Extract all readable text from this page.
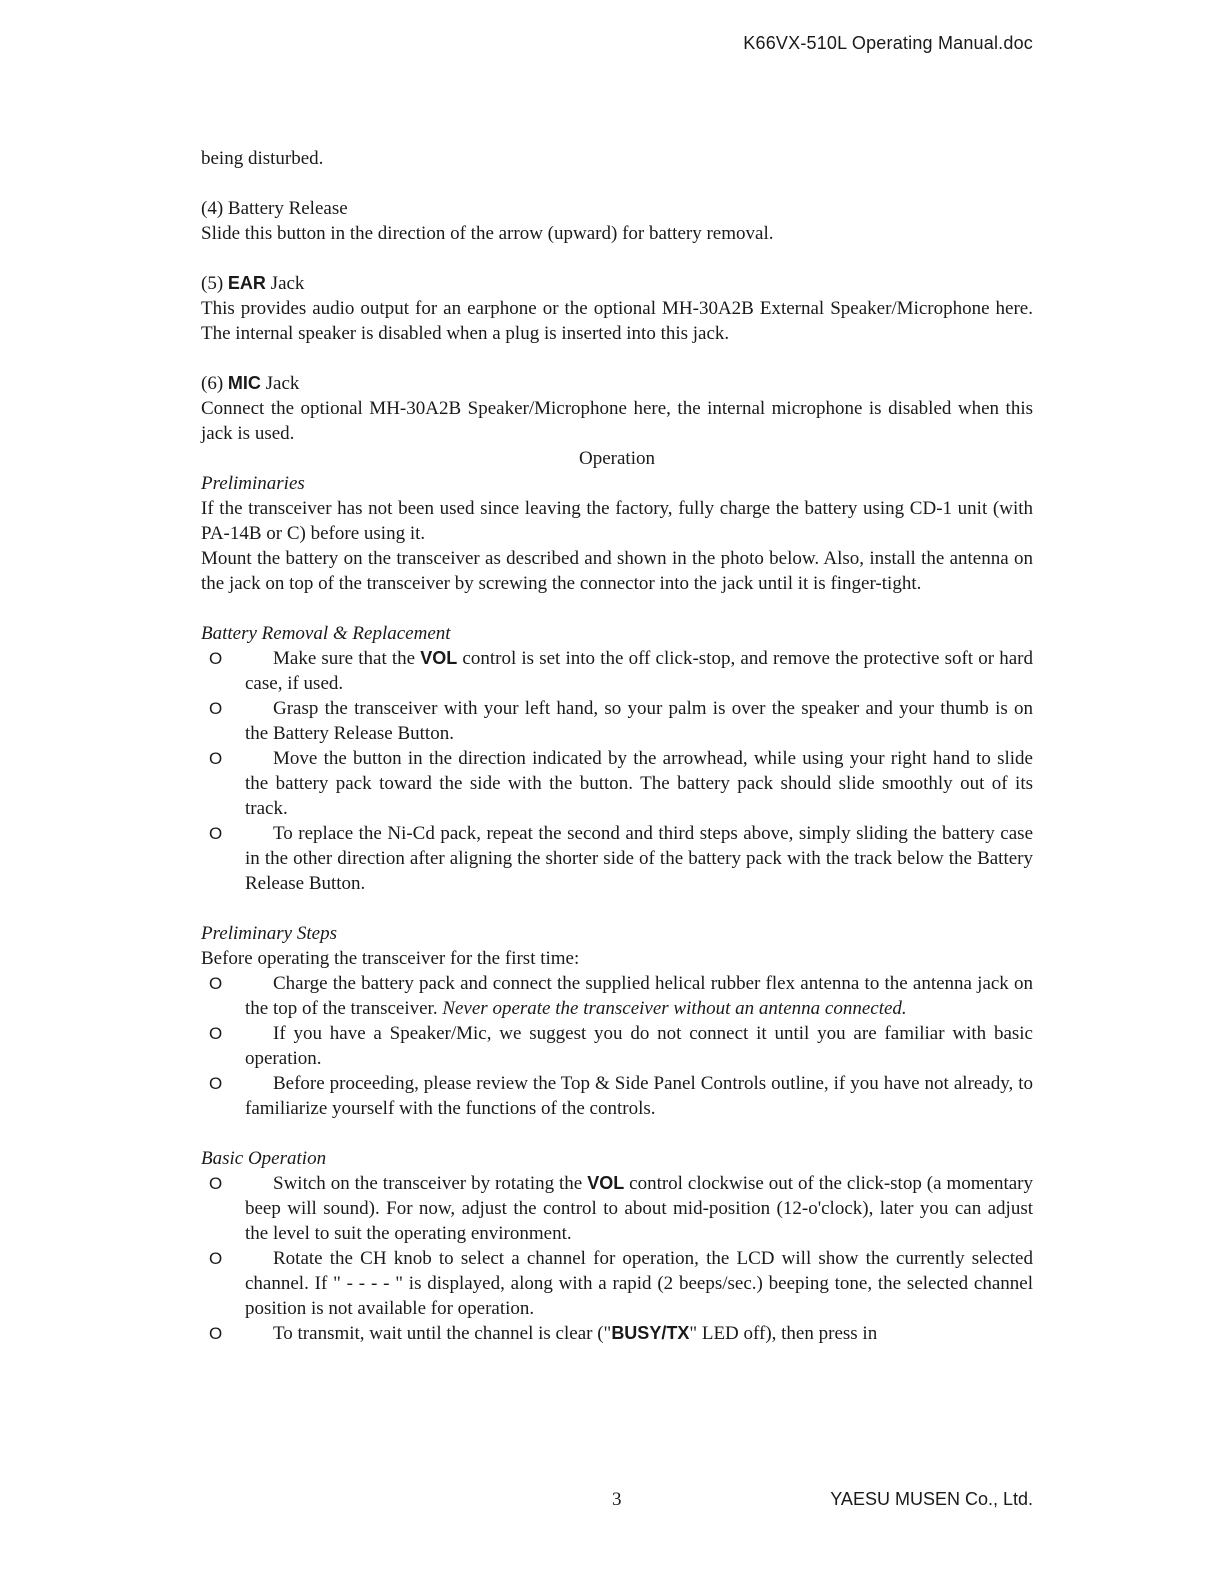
K66VX-510L Operating Manual.doc

being disturbed.

(4) Battery Release

Slide this button in the direction of the arrow (upward) for battery removal.

(5) EAR Jack

This provides audio output for an earphone or the optional MH-30A2B External Speaker/Microphone here. The internal speaker is disabled when a plug is inserted into this jack.

(6) MIC Jack

Connect the optional MH-30A2B Speaker/Microphone here, the internal microphone is disabled when this jack is used.

Operation

Preliminaries

If the transceiver has not been used since leaving the factory, fully charge the battery using CD-1 unit (with PA-14B or C) before using it.

Mount the battery on the transceiver as described and shown in the photo below. Also, install the antenna on the jack on top of the transceiver by screwing the connector into the jack until it is finger-tight.

Battery Removal & Replacement

O	Make sure that the VOL control is set into the off click-stop, and remove the protective soft or hard case, if used.
O	Grasp the transceiver with your left hand, so your palm is over the speaker and your thumb is on the Battery Release Button.
O	Move the button in the direction indicated by the arrowhead, while using your right hand to slide the battery pack toward the side with the button. The battery pack should slide smoothly out of its track.
O	To replace the Ni-Cd pack, repeat the second and third steps above, simply sliding the battery case in the other direction after aligning the shorter side of the battery pack with the track below the Battery Release Button.

Preliminary Steps

Before operating the transceiver for the first time:

O	Charge the battery pack and connect the supplied helical rubber flex antenna to the antenna jack on the top of the transceiver. Never operate the transceiver without an antenna connected.
O	If you have a Speaker/Mic, we suggest you do not connect it until you are familiar with basic operation.
O	Before proceeding, please review the Top & Side Panel Controls outline, if you have not already, to familiarize yourself with the functions of the controls.

Basic Operation

O	Switch on the transceiver by rotating the VOL control clockwise out of the click-stop (a momentary beep will sound). For now, adjust the control to about mid-position (12-o'clock), later you can adjust the level to suit the operating environment.
O	Rotate the CH knob to select a channel for operation, the LCD will show the currently selected channel. If " - - - - " is displayed, along with a rapid (2 beeps/sec.) beeping tone, the selected channel position is not available for operation.
O	To transmit, wait until the channel is clear ("BUSY/TX" LED off), then press in
3	YAESU MUSEN Co., Ltd.
